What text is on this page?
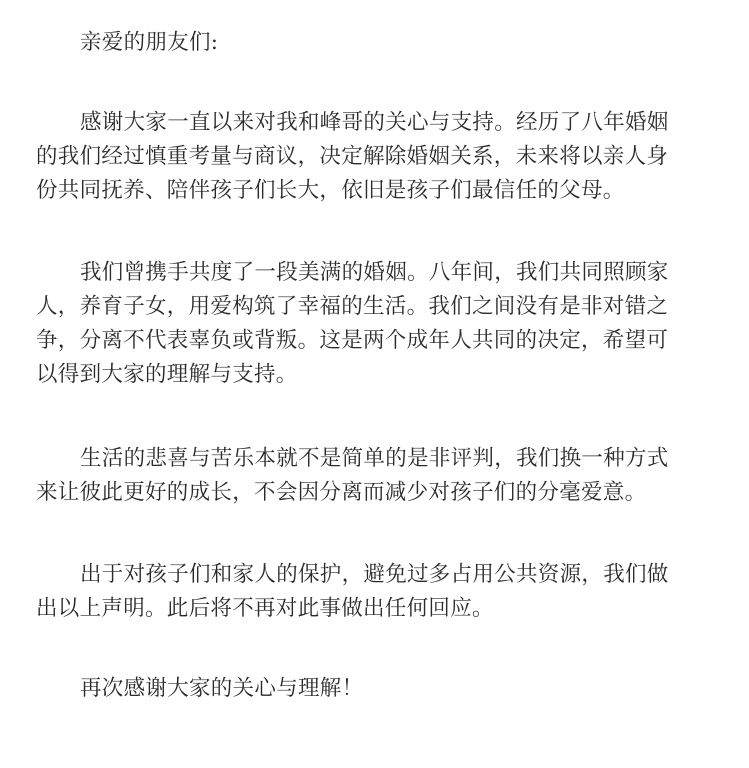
亲爱的朋友们:
感谢大家一直以来对我和峰哥的关心与支持。经历了八年婚姻
的我们经过慎重考量与商议，决定解除婚姻关系，未来将以亲人身
份共同抚养、陪伴孩子们长大，依旧是孩子们最信任的父母。
我们曾携手共度了一段美满的婚姻。八年间，我们共同照顾家
人，养育子女，用爱构筑了幸福的生活。我们之间没有是非对错之
争，分离不代表辜负或背叛。这是两个成年人共同的决定，希望可
以得到大家的理解与支持。
生活的悲喜与苦乐本就不是简单的是非评判，我们换一种方式
来让彼此更好的成长，不会因分离而减少对孩子们的分毫爱意。
出于对孩子们和家人的保护，避免过多占用公共资源，我们做
出以上声明。此后将不再对此事做出任何回应。
再次感谢大家的关心与理解！
